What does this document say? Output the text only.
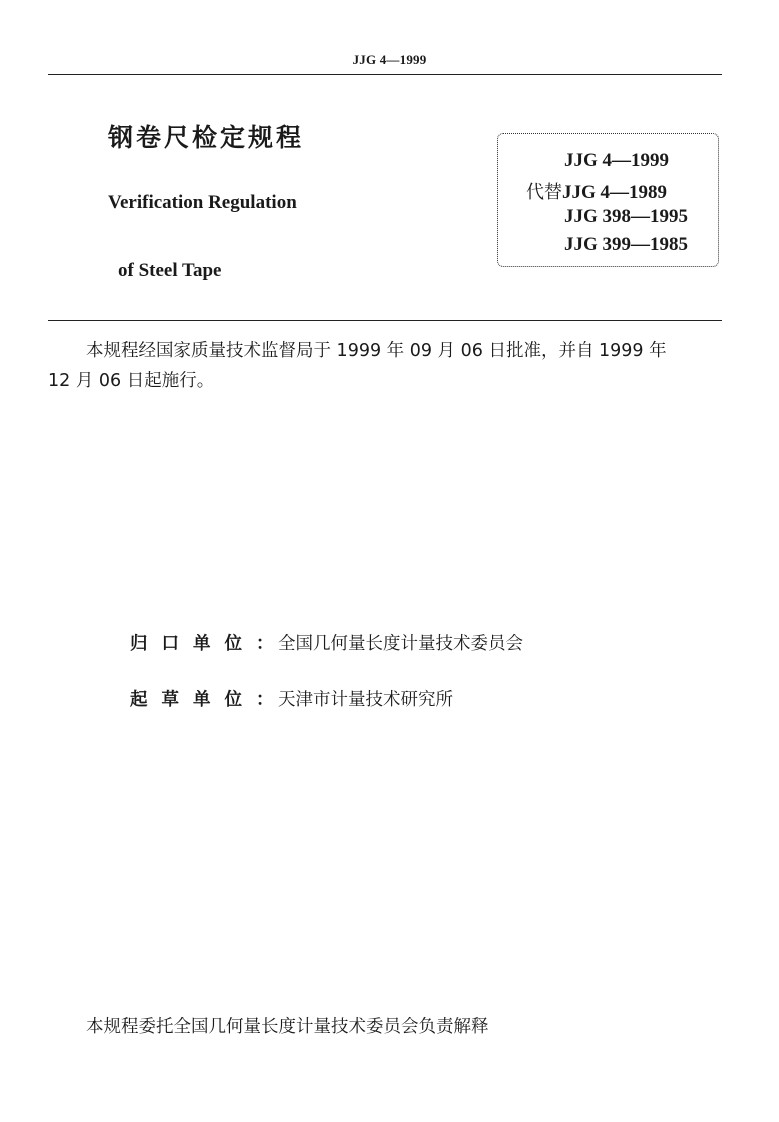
JJG 4—1999
钢卷尺检定规程
Verification Regulation
of Steel Tape
JJG 4—1999
代替JJG 4—1989
JJG 398—1995
JJG 399—1985
本规程经国家质量技术监督局于 1999 年 09 月 06 日批准，并自 1999 年
12 月 06 日起施行。
归口单位：全国几何量长度计量技术委员会
起草单位：天津市计量技术研究所
本规程委托全国几何量长度计量技术委员会负责解释
